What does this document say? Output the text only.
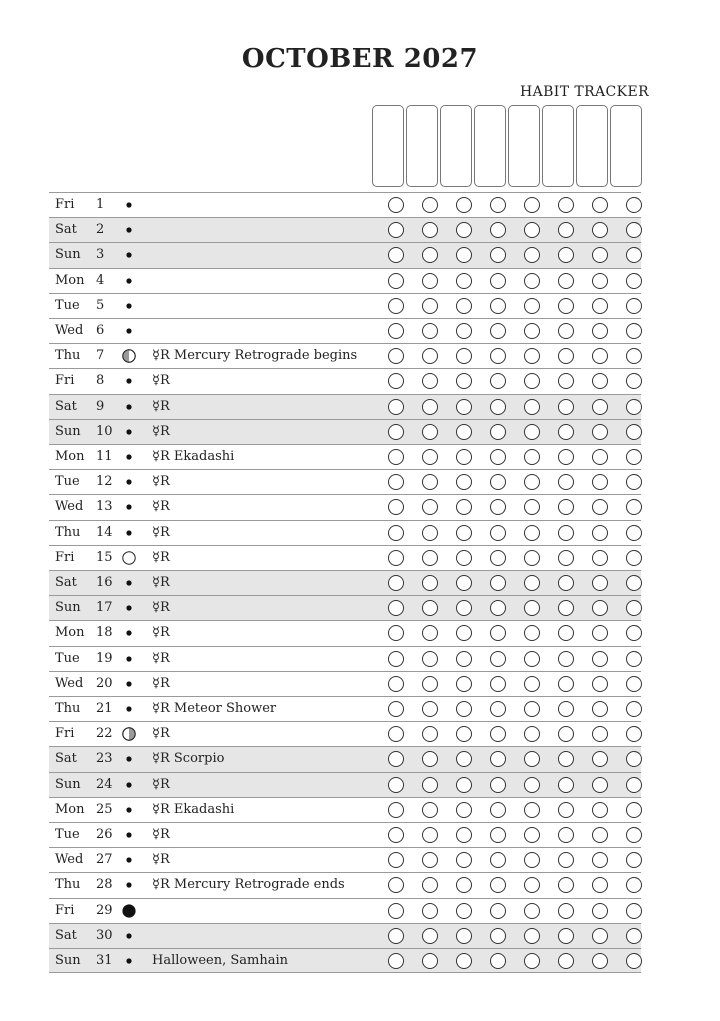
OCTOBER 2027
HABIT TRACKER
Fri 1
Sat 2
Sun 3
Mon 4
Tue 5
Wed 6
Thu 7	☿R Mercury Retrograde begins
Fri 8	☿R
Sat 9	☿R
Sun 10	☿R
Mon 11	☿R Ekadashi
Tue 12	☿R
Wed 13	☿R
Thu 14	☿R
Fri 15	☿R
Sat 16	☿R
Sun 17	☿R
Mon 18	☿R
Tue 19	☿R
Wed 20	☿R
Thu 21	☿R Meteor Shower
Fri 22	☿R
Sat 23	☿R Scorpio
Sun 24	☿R
Mon 25	☿R Ekadashi
Tue 26	☿R
Wed 27	☿R
Thu 28	☿R Mercury Retrograde ends
Fri 29
Sat 30
Sun 31	Halloween, Samhain
